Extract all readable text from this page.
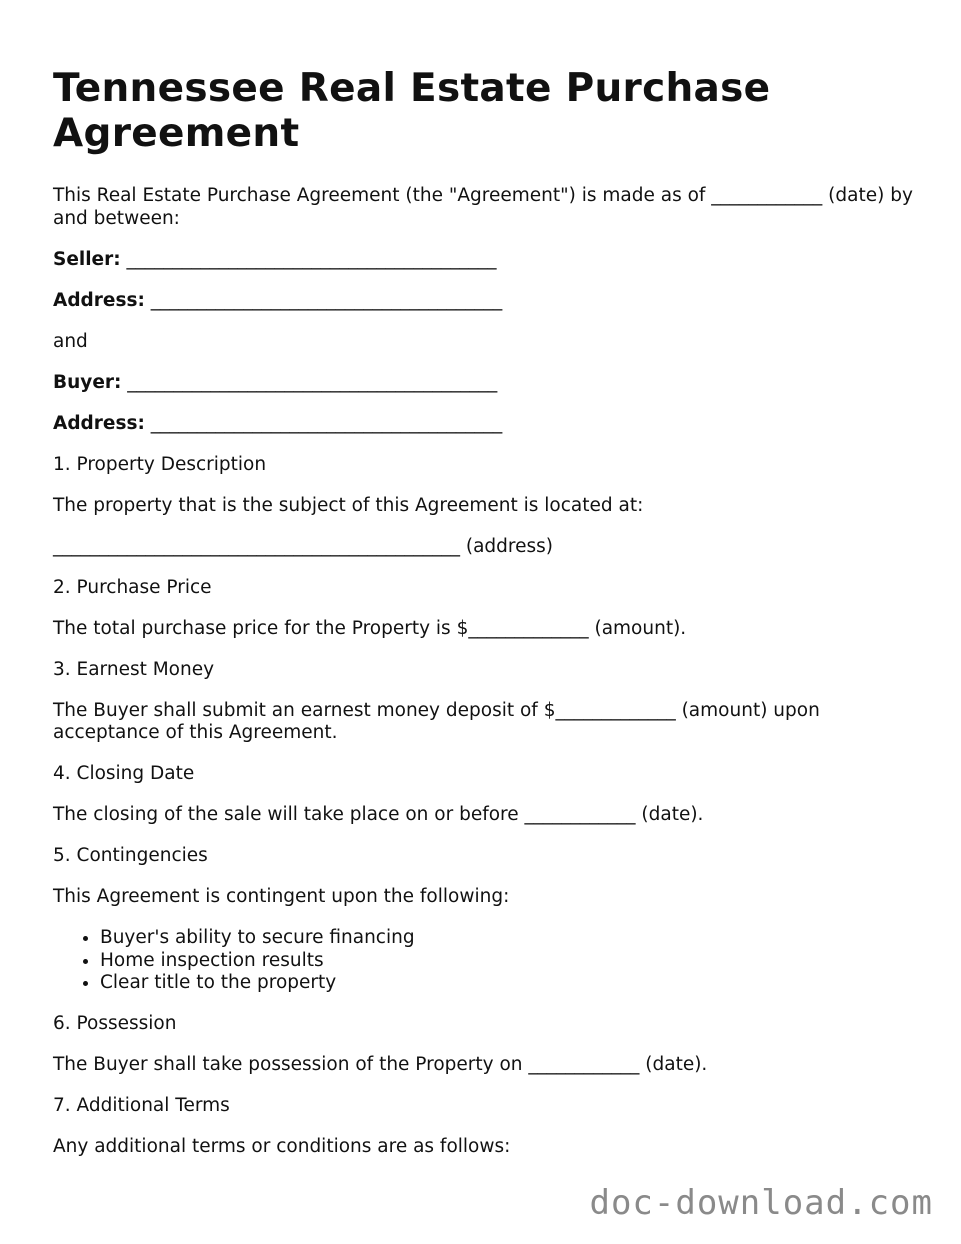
Tennessee Real Estate Purchase Agreement

This Real Estate Purchase Agreement (the "Agreement") is made as of ____________ (date) by and between:

Seller: ________________________________________

Address: ______________________________________

and

Buyer: ________________________________________

Address: ______________________________________

1. Property Description

The property that is the subject of this Agreement is located at:

____________________________________________ (address)

2. Purchase Price

The total purchase price for the Property is $_____________ (amount).

3. Earnest Money

The Buyer shall submit an earnest money deposit of $_____________ (amount) upon acceptance of this Agreement.

4. Closing Date

The closing of the sale will take place on or before ____________ (date).

5. Contingencies

This Agreement is contingent upon the following:

• Buyer's ability to secure financing
• Home inspection results
• Clear title to the property

6. Possession

The Buyer shall take possession of the Property on ____________ (date).

7. Additional Terms

Any additional terms or conditions are as follows:

doc-download.com
